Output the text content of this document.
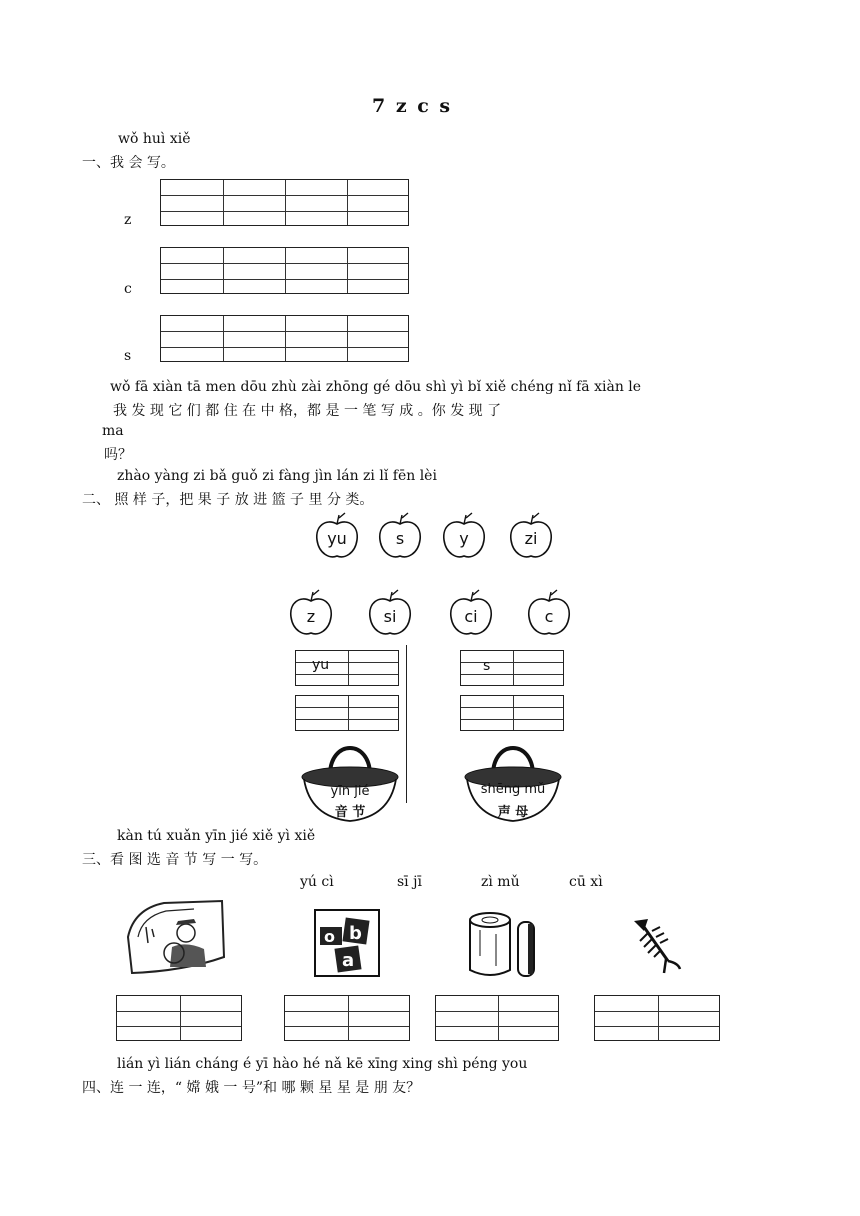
7 z c s
wǒ huì xiě
一、我 会 写。
z
c
s
wǒ fā xiàn tā men dōu zhù zài zhōng gé dōu shì yì bǐ xiě chéng nǐ fā xiàn le
我 发 现 它 们 都 住 在 中 格，都 是 一 笔 写 成 。你 发 现 了
ma
吗？
zhào yàng zi bǎ guǒ zi fàng jìn lán zi lǐ fēn lèi
二、 照 样 子，把 果 子 放 进 篮 子 里 分 类。
yu	s	y	zi
z	si	ci	c
yu	s
yīn jié
音 节
shēng mǔ
声 母
kàn tú xuǎn yīn jié xiě yì xiě
三、看 图 选 音 节 写 一 写。
yú cì	sī jī	zì mǔ	cū xì
o b
a
lián yì lián cháng é yī hào hé nǎ kē xīng xing shì péng you
四、连 一 连，“ 嫦 娥 一 号”和 哪 颗 星 星 是 朋 友？
